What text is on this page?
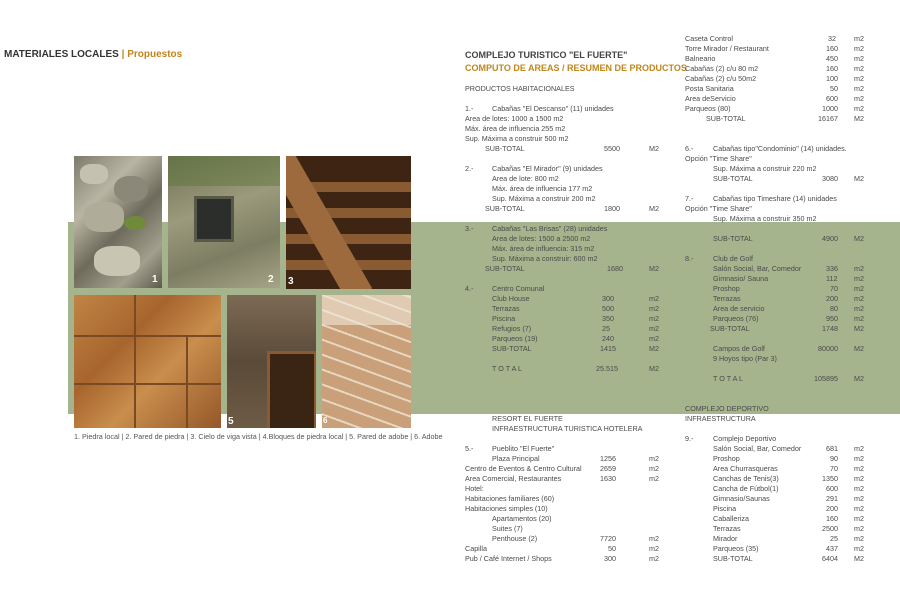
MATERIALES LOCALES | Propuestos
1	2 3
5	6
1. Piedra local | 2. Pared de piedra | 3. Cielo de viga vista | 4.Bloques de piedra local | 5. Pared de adobe | 6. Adobe
COMPLEJO TURISTICO "EL FUERTE"
COMPUTO DE AREAS / RESUMEN DE PRODUCTOS
PRODUCTOS HABITACIONALES
1.-	Cabañas "El Descanso" (11) unidades
Area de lotes: 1000 a 1500 m2
Máx. área de influencia 255 m2
Sup. Máxima a construir 500 m2
SUB-TOTAL	5500	M2
2.-	Cabañas "El Mirador" (9) unidades
Area de lote: 800 m2
Máx. área de influencia 177 m2
Sup. Máxima a construir 200 m2
SUB-TOTAL	1800	M2
3.-	Cabañas "Las Brisas" (28) unidades
Area de lotes: 1500 a 2500 m2
Máx. área de influencia: 315 m2
Sup. Máxima a construir: 600 m2
SUB-TOTAL	1680	M2
4.-	Centro Comunal
Club House	300	m2
Terrazas	500	m2
Piscina	350	m2
Refugios (7)	25	m2
Parqueos (19)	240	m2
SUB-TOTAL	1415	M2
T O T A L	25.515	M2
RESORT EL FUERTE
INFRAESTRUCTURA TURISTICA HOTELERA
5.-	Pueblito "El Fuerte"
Plaza Principal	1256	m2
Centro de Eventos & Centro Cultural	2659	m2
Area Comercial, Restaurantes	1630	m2
Hotel:
Habitaciones familiares (60)
Habitaciones simples (10)
Apartamentos (20)
Suites (7)
Penthouse (2)	7720	m2
Capilla	50	m2
Pub / Café Internet / Shops	300	m2
Caseta Control	32	m2
Torre Mirador / Restaurant	160 m2
Balneario	450 m2
Cabañas (2) c/u 80 m2	160 m2
Cabañas (2) c/u 50m2	100 m2
Posta Sanitaria	50 m2
Area deServicio	600 m2
Parqueos (80)	1000 m2
SUB-TOTAL	16167 M2
6.-	Cabañas tipo"Condominio" (14) unidades.
Opción "Time Share"
Sup. Máxima a construir 220 m2
SUB-TOTAL	3080 M2
7.-	Cabañas tipo Timeshare (14) unidades
Opción "Time Share"
Sup. Máxima a construir 350 m2
SUB-TOTAL	4900 M2
8.-	Club de Golf
Salón Social, Bar, Comedor	336 m2
Gimnasio/ Sauna	112 m2
Proshop	70 m2
Terrazas	200 m2
Area de servicio	80 m2
Parqueos (76)	950 m2
SUB-TOTAL	1748 M2
Campos de Golf	80000 M2
9 Hoyos tipo (Par 3)
T O T A L	105895 M2
COMPLEJO DEPORTIVO
INFRAESTRUCTURA
9.-	Complejo Deportivo
Salón Social, Bar, Comedor	681 m2
Proshop	90 m2
Area Churrasqueras	70 m2
Canchas de Tenis(3)	1350 m2
Cancha de Fútbol(1)	600 m2
Gimnasio/Saunas	291 m2
Piscina	200 m2
Caballeriza	160 m2
Terrazas	2500 m2
Mirador	25 m2
Parqueos (35)	437 m2
SUB-TOTAL	6404 M2
